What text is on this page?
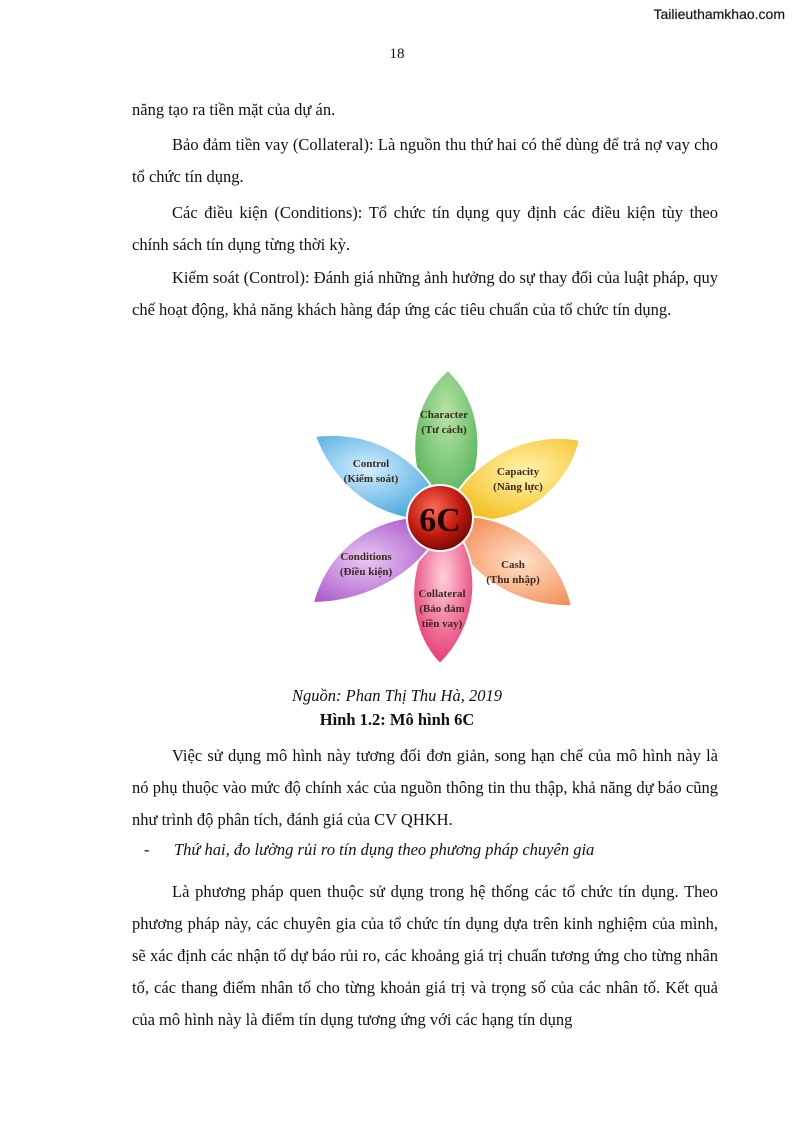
Tailieuthamkhao.com
18

năng tạo ra tiền mặt của dự án.

Bảo đảm tiền vay (Collateral): Là nguồn thu thứ hai có thể dùng để trả nợ vay cho tổ chức tín dụng.

Các điều kiện (Conditions): Tổ chức tín dụng quy định các điều kiện tùy theo chính sách tín dụng từng thời kỳ.

Kiểm soát (Control): Đánh giá những ảnh hưởng do sự thay đổi của luật pháp, quy chế hoạt động, khả năng khách hàng đáp ứng các tiêu chuẩn của tổ chức tín dụng.

Character
(Tư cách)
Capacity
(Năng lực)
Cash
(Thu nhập)
Collateral
(Bảo đảm
tiền vay)
Conditions
(Điều kiện)
Control
(Kiểm soát)
6C
Nguồn: Phan Thị Thu Hà, 2019
Hình 1.2: Mô hình 6C

Việc sử dụng mô hình này tương đối đơn giản, song hạn chế của mô hình này là nó phụ thuộc vào mức độ chính xác của nguồn thông tin thu thập, khả năng dự báo cũng như trình độ phân tích, đánh giá của CV QHKH.

- Thứ hai, đo lường rủi ro tín dụng theo phương pháp chuyên gia

Là phương pháp quen thuộc sử dụng trong hệ thống các tổ chức tín dụng. Theo phương pháp này, các chuyên gia của tổ chức tín dụng dựa trên kinh nghiệm của mình, sẽ xác định các nhận tố dự báo rủi ro, các khoảng giá trị chuẩn tương ứng cho từng nhân tố, các thang điểm nhân tố cho từng khoản giá trị và trọng số của các nhân tố. Kết quả của mô hình này là điểm tín dụng tương ứng với các hạng tín dụng
